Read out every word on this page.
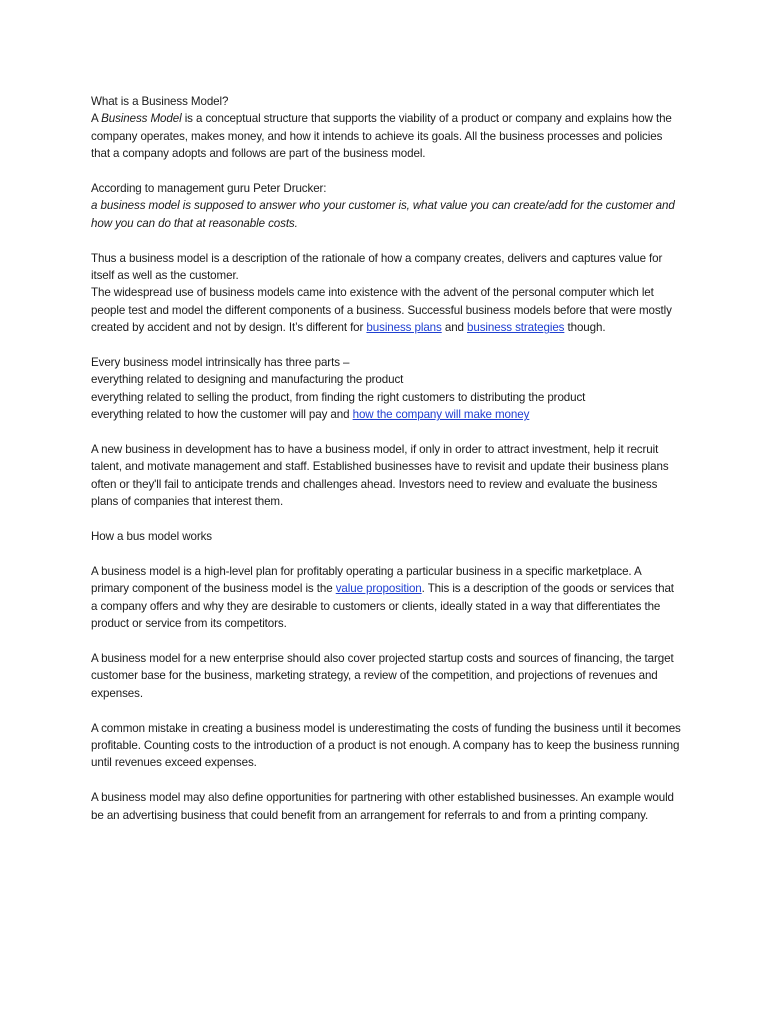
What is a Business Model?
A Business Model is a conceptual structure that supports the viability of a product or company and explains how the company operates, makes money, and how it intends to achieve its goals. All the business processes and policies that a company adopts and follows are part of the business model.

According to management guru Peter Drucker:
a business model is supposed to answer who your customer is, what value you can create/add for the customer and how you can do that at reasonable costs.

Thus a business model is a description of the rationale of how a company creates, delivers and captures value for itself as well as the customer.
The widespread use of business models came into existence with the advent of the personal computer which let people test and model the different components of a business. Successful business models before that were mostly created by accident and not by design. It’s different for business plans and business strategies though.

Every business model intrinsically has three parts –
everything related to designing and manufacturing the product
everything related to selling the product, from finding the right customers to distributing the product
everything related to how the customer will pay and how the company will make money

A new business in development has to have a business model, if only in order to attract investment, help it recruit talent, and motivate management and staff. Established businesses have to revisit and update their business plans often or they'll fail to anticipate trends and challenges ahead. Investors need to review and evaluate the business plans of companies that interest them.

How a bus model works

A business model is a high-level plan for profitably operating a particular business in a specific marketplace. A primary component of the business model is the value proposition. This is a description of the goods or services that a company offers and why they are desirable to customers or clients, ideally stated in a way that differentiates the product or service from its competitors.

A business model for a new enterprise should also cover projected startup costs and sources of financing, the target customer base for the business, marketing strategy, a review of the competition, and projections of revenues and expenses.

A common mistake in creating a business model is underestimating the costs of funding the business until it becomes profitable. Counting costs to the introduction of a product is not enough. A company has to keep the business running until revenues exceed expenses.

A business model may also define opportunities for partnering with other established businesses. An example would be an advertising business that could benefit from an arrangement for referrals to and from a printing company.
